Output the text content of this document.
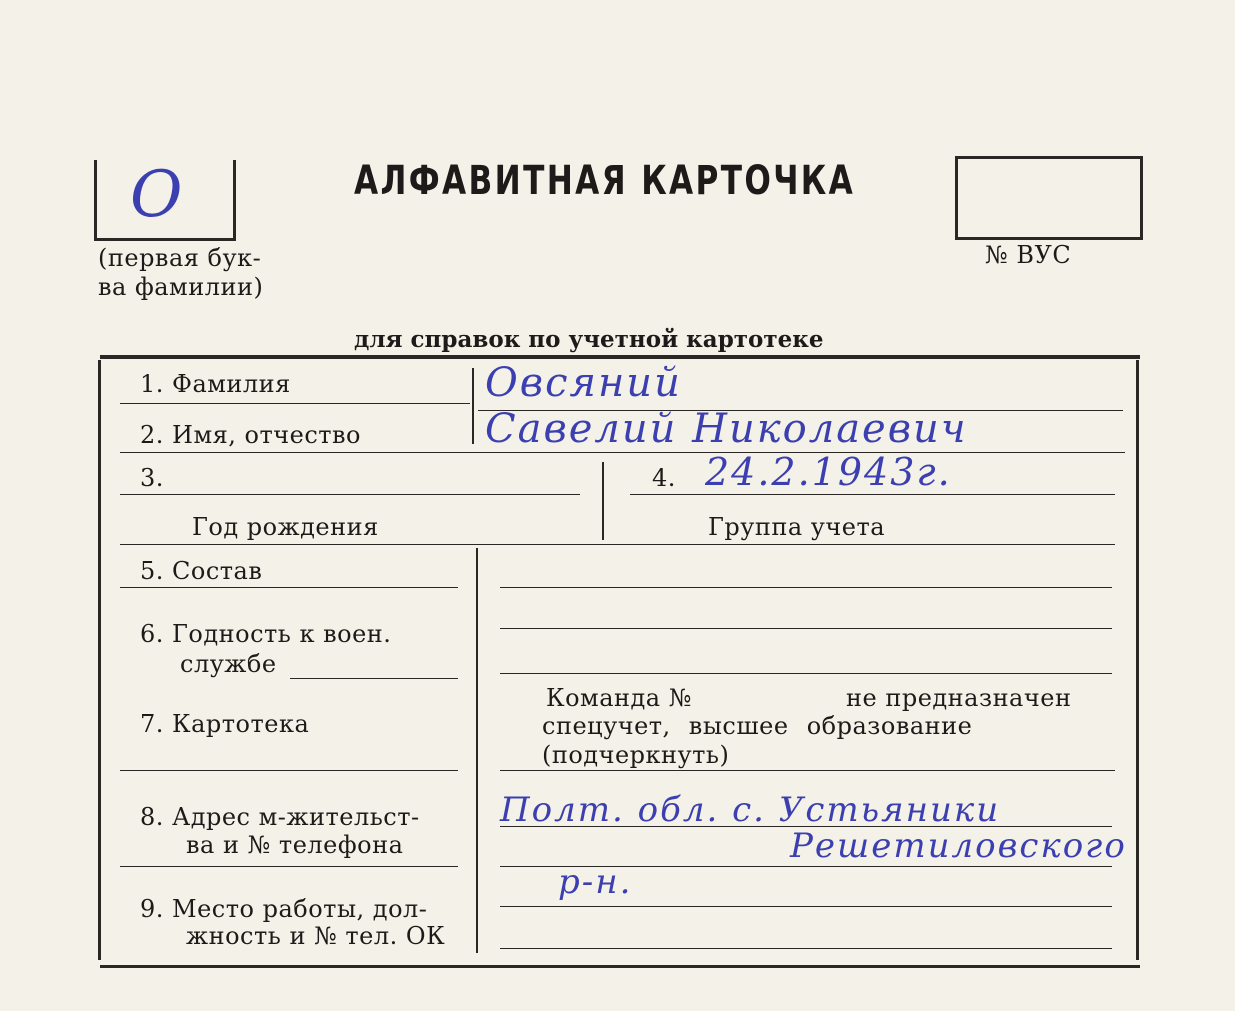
О
(первая бук-
ва фамилии)
АЛФАВИТНАЯ КАРТОЧКА
№ ВУС
для справок по учетной картотеке
1. Фамилия	Овсяний
2. Имя, отчество	Савелий Николаевич
3.	4. 24.2.1943г.
Год рождения	Группа учета
5. Состав
6. Годность к воен.
службе
7. Картотека
Команда №	не предназначен
спецучет, высшее образование
(подчеркнуть)
8. Адрес м-жительст-
ва и № телефона
Полт. обл. с. Устьяники
Решетиловского
р-н.
9. Место работы, дол-
жность и № тел. ОК
